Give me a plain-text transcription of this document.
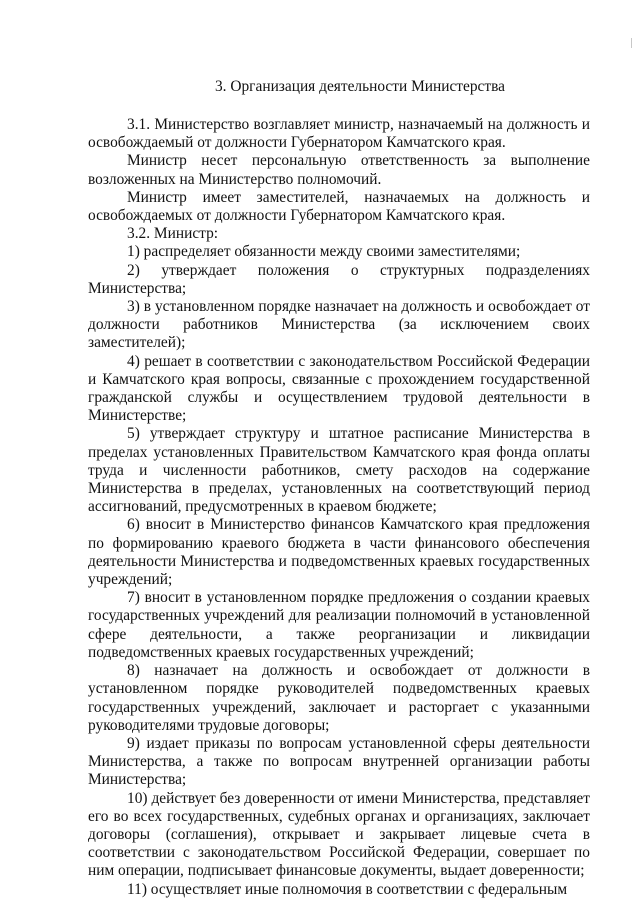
3. Организация деятельности Министерства

3.1. Министерство возглавляет министр, назначаемый на должность и освобождаемый от должности Губернатором Камчатского края.

Министр несет персональную ответственность за выполнение возложенных на Министерство полномочий.

Министр имеет заместителей, назначаемых на должность и освобождаемых от должности Губернатором Камчатского края.

3.2. Министр:

1) распределяет обязанности между своими заместителями;

2) утверждает положения о структурных подразделениях Министерства;

3) в установленном порядке назначает на должность и освобождает от должности работников Министерства (за исключением своих заместителей);

4) решает в соответствии с законодательством Российской Федерации и Камчатского края вопросы, связанные с прохождением государственной гражданской службы и осуществлением трудовой деятельности в Министерстве;

5) утверждает структуру и штатное расписание Министерства в пределах установленных Правительством Камчатского края фонда оплаты труда и численности работников, смету расходов на содержание Министерства в пределах, установленных на соответствующий период ассигнований, предусмотренных в краевом бюджете;

6) вносит в Министерство финансов Камчатского края предложения по формированию краевого бюджета в части финансового обеспечения деятельности Министерства и подведомственных краевых государственных учреждений;

7) вносит в установленном порядке предложения о создании краевых государственных учреждений для реализации полномочий в установленной сфере деятельности, а также реорганизации и ликвидации подведомственных краевых государственных учреждений;

8) назначает на должность и освобождает от должности в установленном порядке руководителей подведомственных краевых государственных учреждений, заключает и расторгает с указанными руководителями трудовые договоры;

9) издает приказы по вопросам установленной сферы деятельности Министерства, а также по вопросам внутренней организации работы Министерства;

10) действует без доверенности от имени Министерства, представляет его во всех государственных, судебных органах и организациях, заключает договоры (соглашения), открывает и закрывает лицевые счета в соответствии с законодательством Российской Федерации, совершает по ним операции, подписывает финансовые документы, выдает доверенности;

11) осуществляет иные полномочия в соответствии с федеральным
